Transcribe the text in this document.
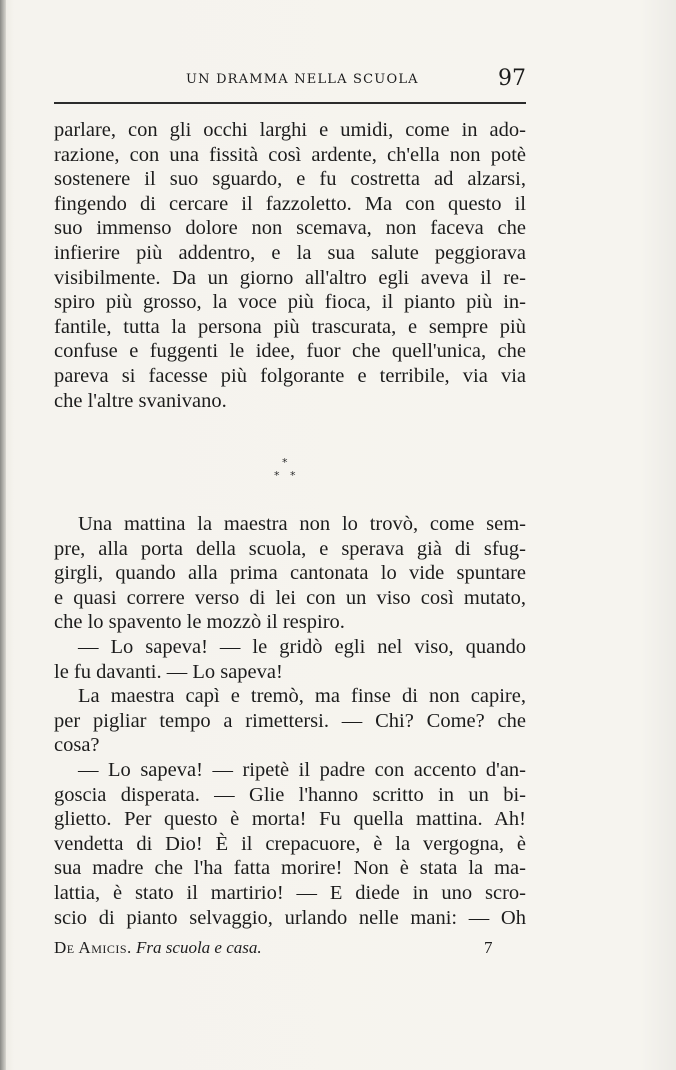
UN DRAMMA NELLA SCUOLA	97
parlare, con gli occhi larghi e umidi, come in ado-
razione, con una fissità così ardente, ch'ella non potè
sostenere il suo sguardo, e fu costretta ad alzarsi,
fingendo di cercare il fazzoletto. Ma con questo il
suo immenso dolore non scemava, non faceva che
infierire più addentro, e la sua salute peggiorava
visibilmente. Da un giorno all'altro egli aveva il re-
spiro più grosso, la voce più fioca, il pianto più in-
fantile, tutta la persona più trascurata, e sempre più
confuse e fuggenti le idee, fuor che quell'unica, che
pareva si facesse più folgorante e terribile, via via
che l'altre svanivano.
*
* *
Una mattina la maestra non lo trovò, come sem-
pre, alla porta della scuola, e sperava già di sfug-
girgli, quando alla prima cantonata lo vide spuntare
e quasi correre verso di lei con un viso così mutato,
che lo spavento le mozzò il respiro.
— Lo sapeva! — le gridò egli nel viso, quando
le fu davanti. — Lo sapeva!
La maestra capì e tremò, ma finse di non capire,
per pigliar tempo a rimettersi. — Chi? Come? che
cosa?
— Lo sapeva! — ripetè il padre con accento d'an-
goscia disperata. — Glie l'hanno scritto in un bi-
glietto. Per questo è morta! Fu quella mattina. Ah!
vendetta di Dio! È il crepacuore, è la vergogna, è
sua madre che l'ha fatta morire! Non è stata la ma-
lattia, è stato il martirio! — E diede in uno scro-
scio di pianto selvaggio, urlando nelle mani: — Oh
De Amicis. Fra scuola e casa.	7
